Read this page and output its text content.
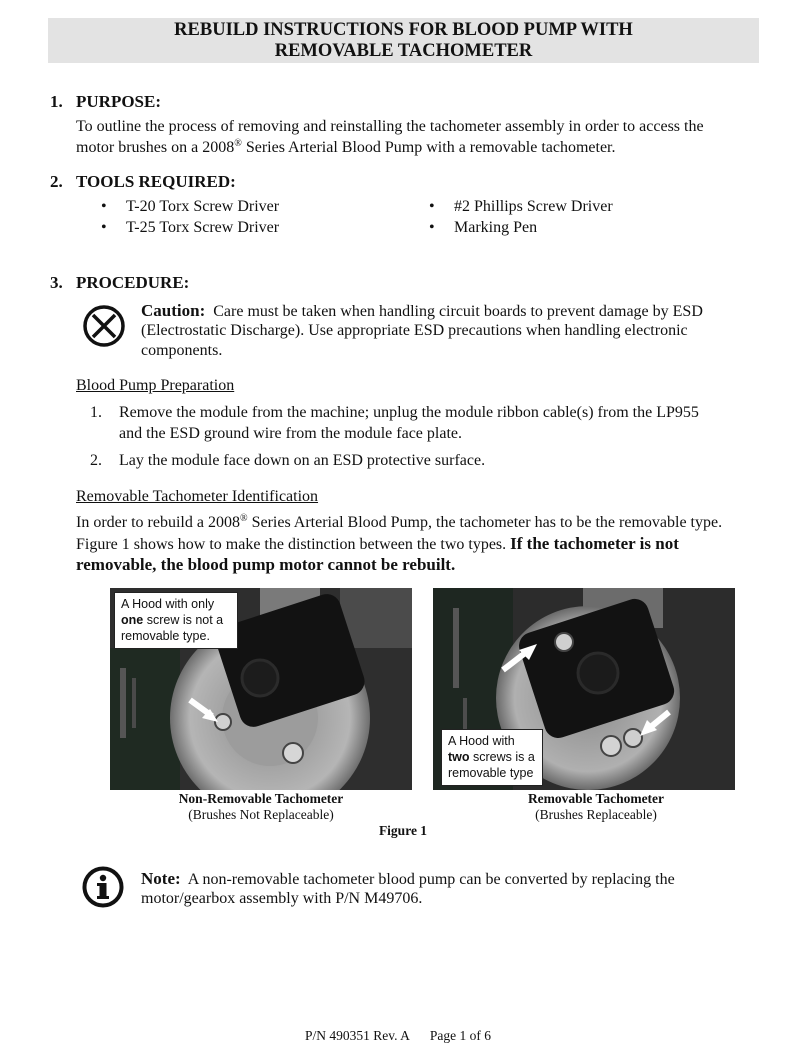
REBUILD INSTRUCTIONS FOR BLOOD PUMP WITH
REMOVABLE TACHOMETER
1. PURPOSE:
To outline the process of removing and reinstalling the tachometer assembly in order to access the
motor brushes on a 2008® Series Arterial Blood Pump with a removable tachometer.
2. TOOLS REQUIRED:
• T-20 Torx Screw Driver
• T-25 Torx Screw Driver
• #2 Phillips Screw Driver
• Marking Pen
3. PROCEDURE:
Caution: Care must be taken when handling circuit boards to prevent damage by ESD
(Electrostatic Discharge). Use appropriate ESD precautions when handling electronic
components.
Blood Pump Preparation
1. Remove the module from the machine; unplug the module ribbon cable(s) from the LP955
and the ESD ground wire from the module face plate.
2. Lay the module face down on an ESD protective surface.
Removable Tachometer Identification
In order to rebuild a 2008® Series Arterial Blood Pump, the tachometer has to be the removable type.
Figure 1 shows how to make the distinction between the two types. If the tachometer is not
removable, the blood pump motor cannot be rebuilt.
A Hood with only
one screw is not a
removable type.
A Hood with
two screws is a
removable type
Non-Removable Tachometer
(Brushes Not Replaceable)
Removable Tachometer
(Brushes Replaceable)
Figure 1
Note: A non-removable tachometer blood pump can be converted by replacing the
motor/gearbox assembly with P/N M49706.
P/N 490351 Rev. A Page 1 of 6
